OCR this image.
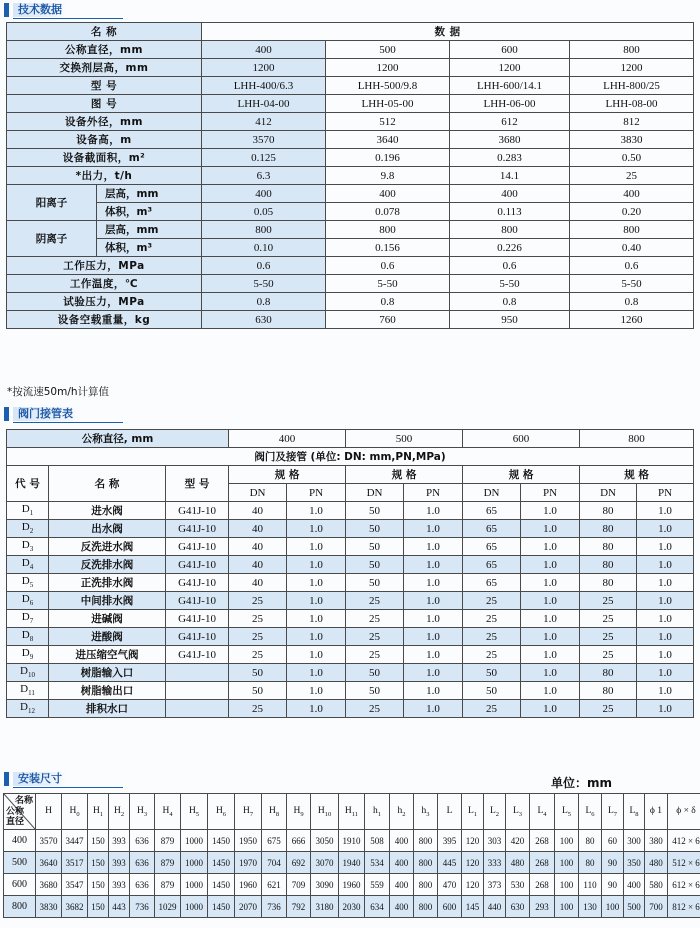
技术数据
名 称		数 据			
公称直径，mm		400	500	600	800
交换剂层高，mm		1200	1200	1200	1200
型 号		LHH-400/6.3	LHH-500/9.8	LHH-600/14.1	LHH-800/25
图 号		LHH-04-00	LHH-05-00	LHH-06-00	LHH-08-00
设备外径，mm		412	512	612	812
设备高，m		3570	3640	3680	3830
设备截面积，m²		0.125	0.196	0.283	0.50
*出力，t/h		6.3	9.8	14.1	25
阳离子	层高，mm	400	400	400	400
	体积，m³	0.05	0.078	0.113	0.20
阴离子	层高，mm	800	800	800	800
	体积，m³	0.10	0.156	0.226	0.40
工作压力，MPa		0.6	0.6	0.6	0.6
工作温度，℃		5-50	5-50	5-50	5-50
试验压力，MPa		0.8	0.8	0.8	0.8
设备空载重量，kg		630	760	950	1260
*按流速50m/h计算值
阀门接管表
公称直径, mm			400		500		600		800	
阀门及接管 (单位: DN: mm,PN,MPa)										
代 号	名 称	型 号	规 格		规 格		规 格		规 格	
			DN	PN	DN	PN	DN	PN	DN	PN
$D_1$	进水阀	G41J-10	40	1.0	50	1.0	65	1.0	80	1.0
$D_2$	出水阀	G41J-10	40	1.0	50	1.0	65	1.0	80	1.0
$D_3$	反洗进水阀	G41J-10	40	1.0	50	1.0	65	1.0	80	1.0
$D_4$	反洗排水阀	G41J-10	40	1.0	50	1.0	65	1.0	80	1.0
$D_5$	正洗排水阀	G41J-10	40	1.0	50	1.0	65	1.0	80	1.0
$D_6$	中间排水阀	G41J-10	25	1.0	25	1.0	25	1.0	25	1.0
$D_7$	进碱阀	G41J-10	25	1.0	25	1.0	25	1.0	25	1.0
$D_8$	进酸阀	G41J-10	25	1.0	25	1.0	25	1.0	25	1.0
$D_9$	进压缩空气阀	G41J-10	25	1.0	25	1.0	25	1.0	25	1.0
$D_{10}$	树脂输入口		50	1.0	50	1.0	50	1.0	80	1.0
$D_{11}$	树脂输出口		50	1.0	50	1.0	50	1.0	80	1.0
$D_{12}$	排积水口		25	1.0	25	1.0	25	1.0	25	1.0
安装尺寸	单位：mm
名称
公称直径	H	$H_0$	$H_1$	$H_2$	$H_3$	$H_4$	$H_5$	$H_6$	$H_7$	$H_8$	$H_9$	$H_{10}$	$H_{11}$	$h_1$	$h_2$	$h_3$	L	$L_1$	$L_2$	$L_3$	$L_4$	$L_5$	$L_6$	$L_7$	$L_8$	ϕ 1	ϕ × δ
400	3570	3447	150	393	636	879	1000	1450	1950	675	666	3050	1910	508	400	800	395	120	303	420	268	100	80	60	300	380	412 × 6
500	3640	3517	150	393	636	879	1000	1450	1970	704	692	3070	1940	534	400	800	445	120	333	480	268	100	80	90	350	480	512 × 6
600	3680	3547	150	393	636	879	1000	1450	1960	621	709	3090	1960	559	400	800	470	120	373	530	268	100	110	90	400	580	612 × 6
800	3830	3682	150	443	736	1029	1000	1450	2070	736	792	3180	2030	634	400	800	600	145	440	630	293	100	130	100	500	700	812 × 6
